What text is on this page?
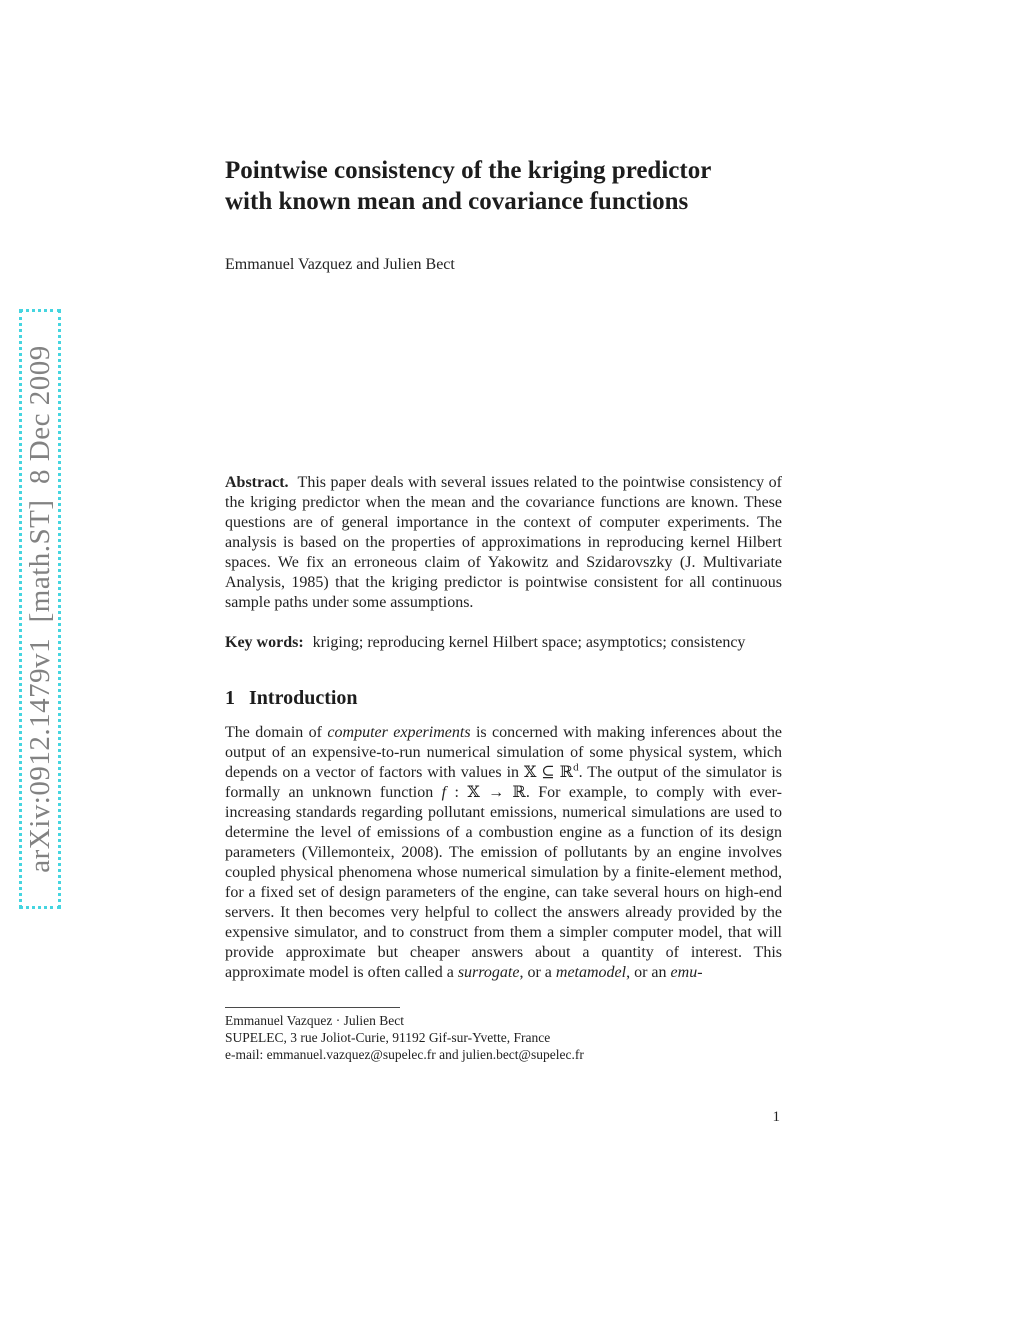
arXiv:0912.1479v1  [math.ST]  8 Dec 2009
Pointwise consistency of the kriging predictor
with known mean and covariance functions
Emmanuel Vazquez and Julien Bect
Abstract. This paper deals with several issues related to the pointwise consistency of the kriging predictor when the mean and the covariance functions are known. These questions are of general importance in the context of computer experiments. The analysis is based on the properties of approximations in reproducing kernel Hilbert spaces. We fix an erroneous claim of Yakowitz and Szidarovszky (J. Multivariate Analysis, 1985) that the kriging predictor is pointwise consistent for all continuous sample paths under some assumptions.
Key words: kriging; reproducing kernel Hilbert space; asymptotics; consistency
1 Introduction
The domain of computer experiments is concerned with making inferences about the output of an expensive-to-run numerical simulation of some physical system, which depends on a vector of factors with values in 𝕏 ⊆ ℝ$^d$. The output of the simulator is formally an unknown function f : 𝕏 → ℝ. For example, to comply with ever-increasing standards regarding pollutant emissions, numerical simulations are used to determine the level of emissions of a combustion engine as a function of its design parameters (Villemonteix, 2008). The emission of pollutants by an engine involves coupled physical phenomena whose numerical simulation by a finite-element method, for a fixed set of design parameters of the engine, can take several hours on high-end servers. It then becomes very helpful to collect the answers already provided by the expensive simulator, and to construct from them a simpler computer model, that will provide approximate but cheaper answers about a quantity of interest. This approximate model is often called a surrogate, or a metamodel, or an emu-
Emmanuel Vazquez · Julien Bect
SUPELEC, 3 rue Joliot-Curie, 91192 Gif-sur-Yvette, France
e-mail: emmanuel.vazquez@supelec.fr and julien.bect@supelec.fr
1
